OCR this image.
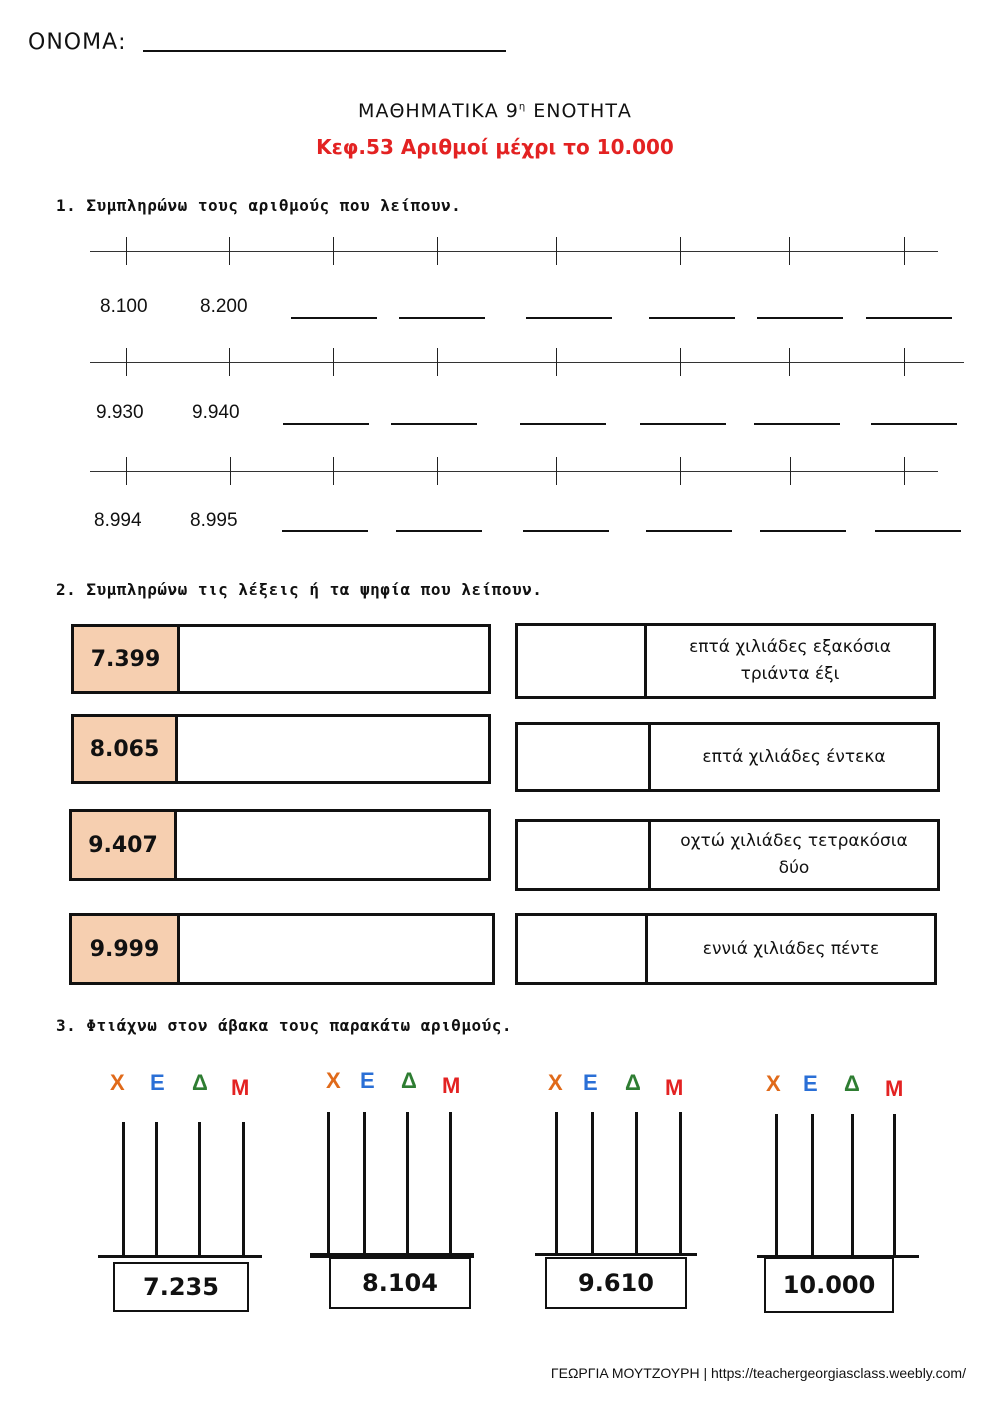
ΟΝΟΜΑ:
ΜΑΘΗΜΑΤΙΚΑ $9^\eta$ ΕΝΟΤΗΤΑ
Κεφ.53 Αριθμοί μέχρι το 10.000
1. Συμπληρώνω τους αριθμούς που λείπουν.
8.100	8.200
9.930	9.940
8.994	8.995
2. Συμπληρώνω τις λέξεις ή τα ψηφία που λείπουν.
7.399
8.065
9.407
9.999
επτά χιλιάδες εξακόσια τριάντα έξι
επτά χιλιάδες έντεκα
οχτώ χιλιάδες τετρακόσια δύο
εννιά χιλιάδες πέντε
3. Φτιάχνω στον άβακα τους παρακάτω αριθμούς.
Χ Ε Δ Μ
7.235
Χ Ε Δ Μ
8.104
Χ Ε Δ Μ
9.610
Χ Ε Δ Μ
10.000
ΓΕΩΡΓΙΑ ΜΟΥΤΖΟΥΡΗ | https://teachergeorgiasclass.weebly.com/
